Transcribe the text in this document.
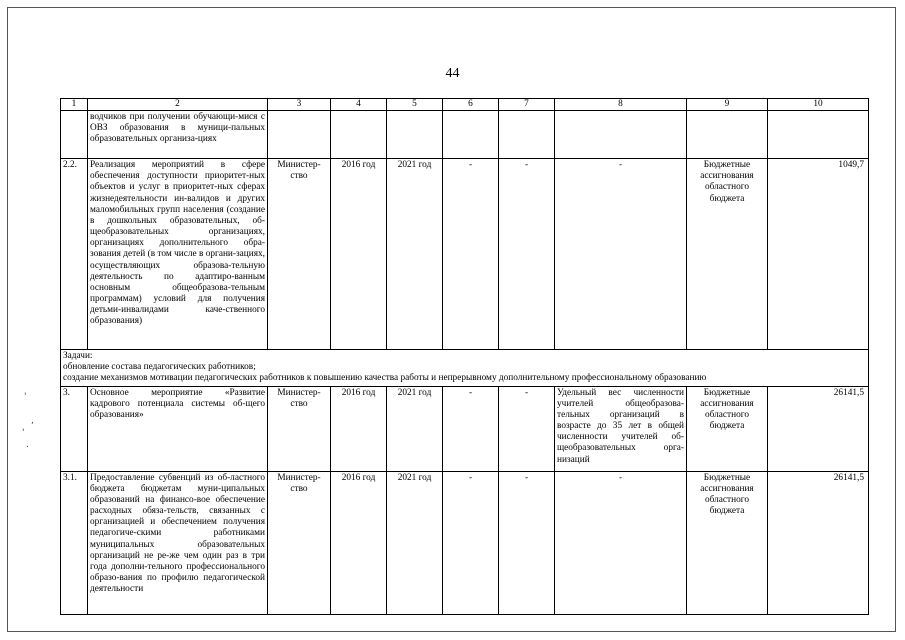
44
'
,
'
.
1	2	3	4	5	6	7	8	9	10
	водчиков при получении обучающи-мися с ОВЗ образования в муници-пальных образовательных организа-циях								
2.2.	Реализация мероприятий в сфере обеспечения доступности приоритет-ных объектов и услуг в приоритет-ных сферах жизнедеятельности ин-валидов и других маломобильных групп населения (создание в дошкольных образовательных, об-щеобразовательных организациях, организациях дополнительного обра-зования детей (в том числе в органи-зациях, осуществляющих образова-тельную деятельность по адаптиро-ванным основным общеобразова-тельным программам) условий для получения детьми-инвалидами каче-ственного образования)	Министер-ство	2016 год	2021 год	-	-	-	Бюджетные ассигнования областного бюджета	1049,7

Задачи:
обновление состава педагогических работников;
создание механизмов мотивации педагогических работников к повышению качества работы и непрерывному дополнительному профессиональному образованию									

3.	Основное мероприятие «Развитие кадрового потенциала системы об-щего образования»	Министер-ство	2016 год	2021 год	-	-	Удельный вес численности учителей общеобразова-тельных организаций в возрасте до 35 лет в общей численности учителей об-щеобразовательных орга-низаций	Бюджетные ассигнования областного бюджета	26141,5
3.1.	Предоставление субвенций из об-ластного бюджета бюджетам муни-ципальных образований на финансо-вое обеспечение расходных обяза-тельств, связанных с организацией и обеспечением получения педагогиче-скими работниками муниципальных образовательных организаций не ре-же чем один раз в три года дополни-тельного профессионального образо-вания по профилю педагогической деятельности	Министер-ство	2016 год	2021 год	-	-	-	Бюджетные ассигнования областного бюджета	26141,5
